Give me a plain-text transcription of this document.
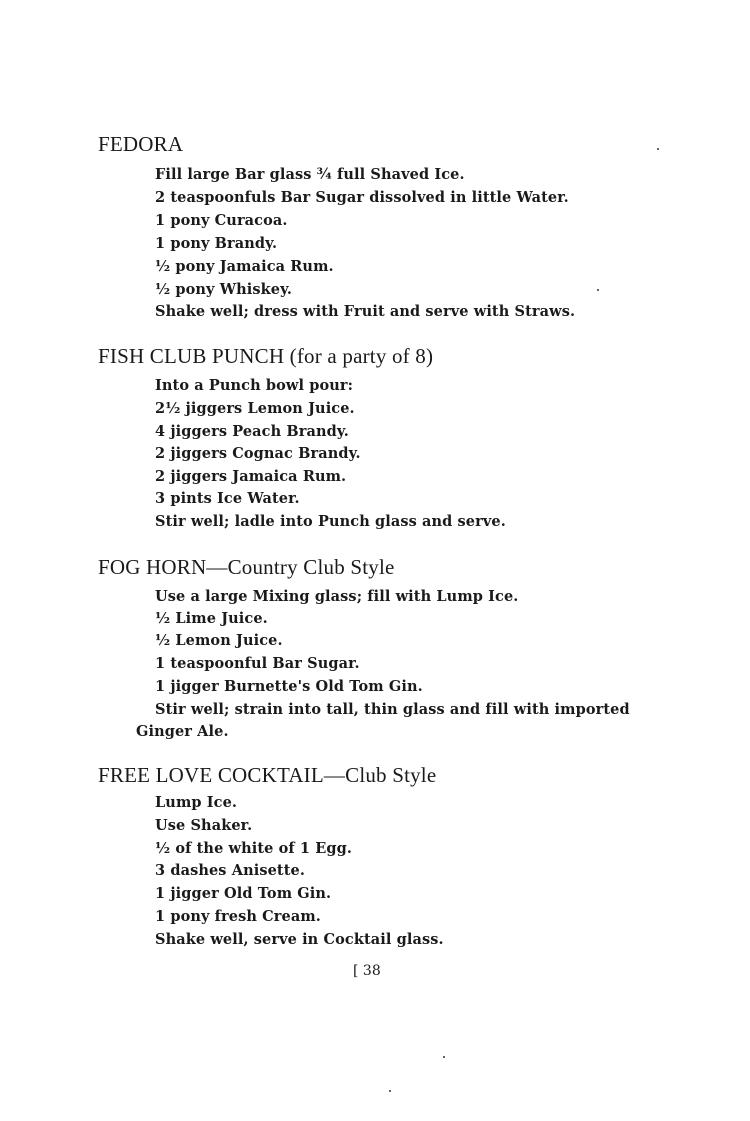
FEDORA
Fill large Bar glass ¾ full Shaved Ice.
2 teaspoonfuls Bar Sugar dissolved in little Water.
1 pony Curacoa.
1 pony Brandy.
½ pony Jamaica Rum.
½ pony Whiskey.
Shake well; dress with Fruit and serve with Straws.
FISH CLUB PUNCH (for a party of 8)
Into a Punch bowl pour:
2½ jiggers Lemon Juice.
4 jiggers Peach Brandy.
2 jiggers Cognac Brandy.
2 jiggers Jamaica Rum.
3 pints Ice Water.
Stir well; ladle into Punch glass and serve.
FOG HORN—Country Club Style
Use a large Mixing glass; fill with Lump Ice.
½ Lime Juice.
½ Lemon Juice.
1 teaspoonful Bar Sugar.
1 jigger Burnette's Old Tom Gin.
Stir well; strain into tall, thin glass and fill with imported
Ginger Ale.
FREE LOVE COCKTAIL—Club Style
Lump Ice.
Use Shaker.
½ of the white of 1 Egg.
3 dashes Anisette.
1 jigger Old Tom Gin.
1 pony fresh Cream.
Shake well, serve in Cocktail glass.
[ 38
